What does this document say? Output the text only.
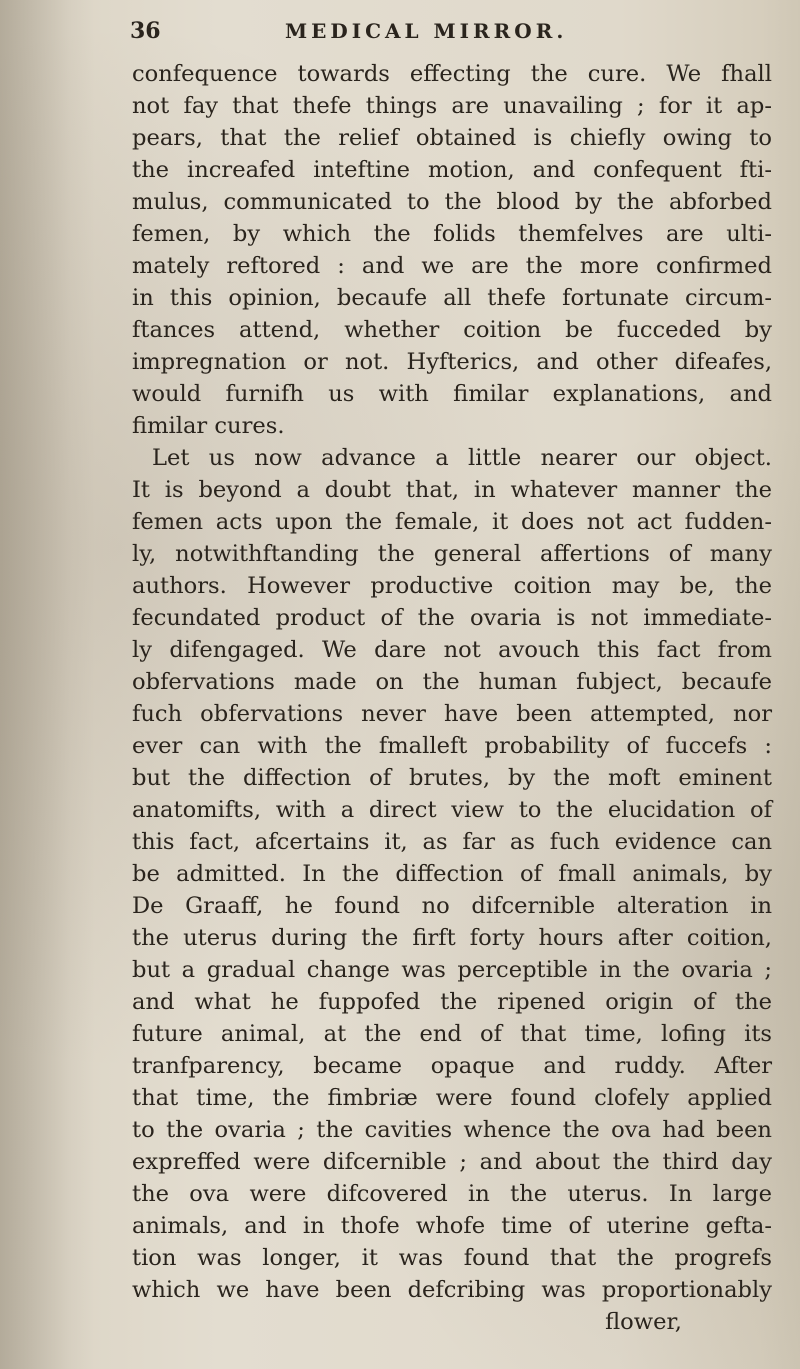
36	MEDICAL MIRROR.
confequence towards effecting the cure. We fhall
not fay that thefe things are unavailing ; for it ap-
pears, that the relief obtained is chiefly owing to
the increafed inteftine motion, and confequent fti-
mulus, communicated to the blood by the abforbed
femen, by which the folids themfelves are ulti-
mately reftored : and we are the more confirmed
in this opinion, becaufe all thefe fortunate circum-
ftances attend, whether coition be fucceded by
impregnation or not. Hyfterics, and other difeafes,
would furnifh us with fimilar explanations, and
fimilar cures.
Let us now advance a little nearer our object.
It is beyond a doubt that, in whatever manner the
femen acts upon the female, it does not act fudden-
ly, notwithftanding the general affertions of many
authors. However productive coition may be, the
fecundated product of the ovaria is not immediate-
ly difengaged. We dare not avouch this fact from
obfervations made on the human fubject, becaufe
fuch obfervations never have been attempted, nor
ever can with the fmalleft probability of fuccefs :
but the diffection of brutes, by the moft eminent
anatomifts, with a direct view to the elucidation of
this fact, afcertains it, as far as fuch evidence can
be admitted. In the diffection of fmall animals, by
De Graaff, he found no difcernible alteration in
the uterus during the firft forty hours after coition,
but a gradual change was perceptible in the ovaria ;
and what he fuppofed the ripened origin of the
future animal, at the end of that time, lofing its
tranfparency, became opaque and ruddy. After
that time, the fimbriæ were found clofely applied
to the ovaria ; the cavities whence the ova had been
expreffed were difcernible ; and about the third day
the ova were difcovered in the uterus. In large
animals, and in thofe whofe time of uterine gefta-
tion was longer, it was found that the progrefs
which we have been defcribing was proportionably
flower,
